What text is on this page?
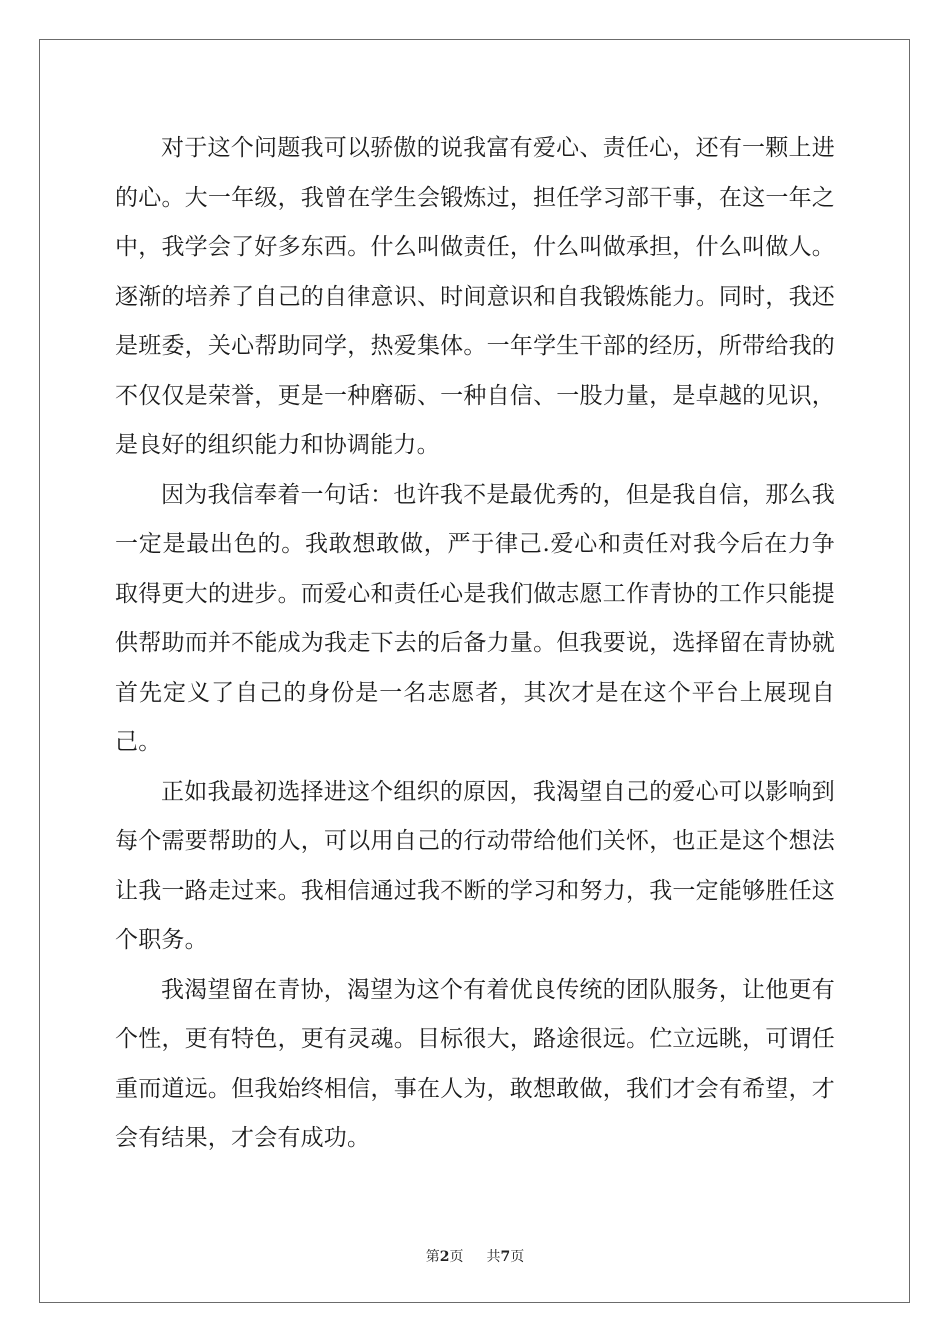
对于这个问题我可以骄傲的说我富有爱心、责任心，还有一颗上进的心。大一年级，我曾在学生会锻炼过，担任学习部干事，在这一年之中，我学会了好多东西。什么叫做责任，什么叫做承担，什么叫做人。逐渐的培养了自己的自律意识、时间意识和自我锻炼能力。同时，我还是班委，关心帮助同学，热爱集体。一年学生干部的经历，所带给我的不仅仅是荣誉，更是一种磨砺、一种自信、一股力量，是卓越的见识，是良好的组织能力和协调能力。

因为我信奉着一句话：也许我不是最优秀的，但是我自信，那么我一定是最出色的。我敢想敢做，严于律己.爱心和责任对我今后在力争取得更大的进步。而爱心和责任心是我们做志愿工作青协的工作只能提供帮助而并不能成为我走下去的后备力量。但我要说，选择留在青协就首先定义了自己的身份是一名志愿者，其次才是在这个平台上展现自己。

正如我最初选择进这个组织的原因，我渴望自己的爱心可以影响到每个需要帮助的人，可以用自己的行动带给他们关怀，也正是这个想法让我一路走过来。我相信通过我不断的学习和努力，我一定能够胜任这个职务。

我渴望留在青协，渴望为这个有着优良传统的团队服务，让他更有个性，更有特色，更有灵魂。目标很大，路途很远。伫立远眺，可谓任重而道远。但我始终相信，事在人为，敢想敢做，我们才会有希望，才会有结果，才会有成功。

第2页 共7页
